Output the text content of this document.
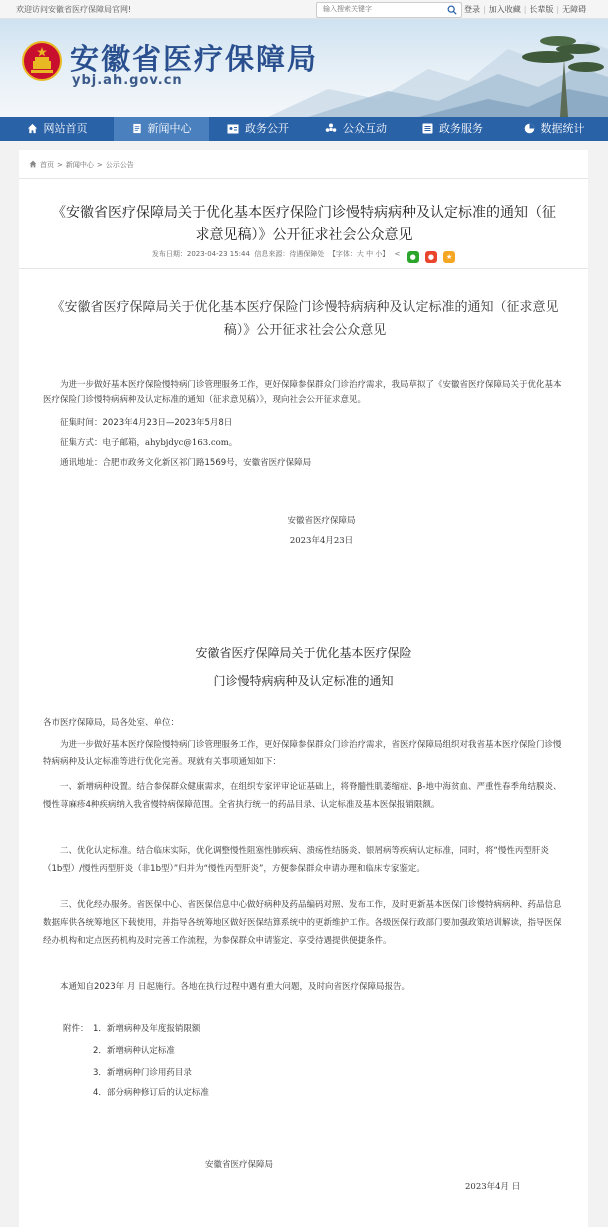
欢迎访问安徽省医疗保障局官网!
输入搜索关键字	登录 | 加入收藏 | 长辈版 | 无障碍
安徽省医疗保障局
ybj.ah.gov.cn
网站首页	新闻中心	政务公开	公众互动	政务服务	数据统计
首页 > 新闻中心 > 公示公告
《安徽省医疗保障局关于优化基本医疗保险门诊慢特病病种及认定标准的通知（征求意见稿）》公开征求社会公众意见
发布日期：2023-04-23 15:44 信息来源：待遇保障处 【字体：大 中 小】 < ● ● ★
《安徽省医疗保障局关于优化基本医疗保险门诊慢特病病种及认定标准的通知（征求意见稿）》公开征求社会公众意见
为进一步做好基本医疗保险慢特病门诊管理服务工作，更好保障参保群众门诊治疗需求，我局草拟了《安徽省医疗保障局关于优化基本医疗保险门诊慢特病病种及认定标准的通知（征求意见稿）》，现向社会公开征求意见。
征集时间：2023年4月23日—2023年5月8日
征集方式：电子邮箱，ahybjdyc@163.com。
通讯地址：合肥市政务文化新区祁门路1569号，安徽省医疗保障局
安徽省医疗保障局
2023年4月23日
安徽省医疗保障局关于优化基本医疗保险
门诊慢特病病种及认定标准的通知
各市医疗保障局，局各处室、单位：
为进一步做好基本医疗保险慢特病门诊管理服务工作，更好保障参保群众门诊治疗需求，省医疗保障局组织对我省基本医疗保险门诊慢特病病种及认定标准等进行优化完善。现就有关事项通知如下：
一、新增病种设置。结合参保群众健康需求，在组织专家评审论证基础上，将脊髓性肌萎缩症、β-地中海贫血、严重性春季角结膜炎、慢性荨麻疹4种疾病纳入我省慢特病保障范围。全省执行统一的药品目录、认定标准及基本医保报销限额。
二、优化认定标准。结合临床实际，优化调整慢性阻塞性肺疾病、溃疡性结肠炎、银屑病等疾病认定标准，同时，将“慢性丙型肝炎（1b型）/慢性丙型肝炎（非1b型）”归并为“慢性丙型肝炎”，方便参保群众申请办理和临床专家鉴定。
三、优化经办服务。省医保中心、省医保信息中心做好病种及药品编码对照、发布工作，及时更新基本医保门诊慢特病病种、药品信息数据库供各统筹地区下载使用，并指导各统筹地区做好医保结算系统中的更新维护工作。各级医保行政部门要加强政策培训解读，指导医保经办机构和定点医药机构及时完善工作流程，为参保群众申请鉴定、享受待遇提供便捷条件。
本通知自2023年 月 日起施行。各地在执行过程中遇有重大问题，及时向省医疗保障局报告。
附件： 1．新增病种及年度报销限额
2．新增病种认定标准
3．新增病种门诊用药目录
4．部分病种修订后的认定标准
安徽省医疗保障局
2023年4月 日
